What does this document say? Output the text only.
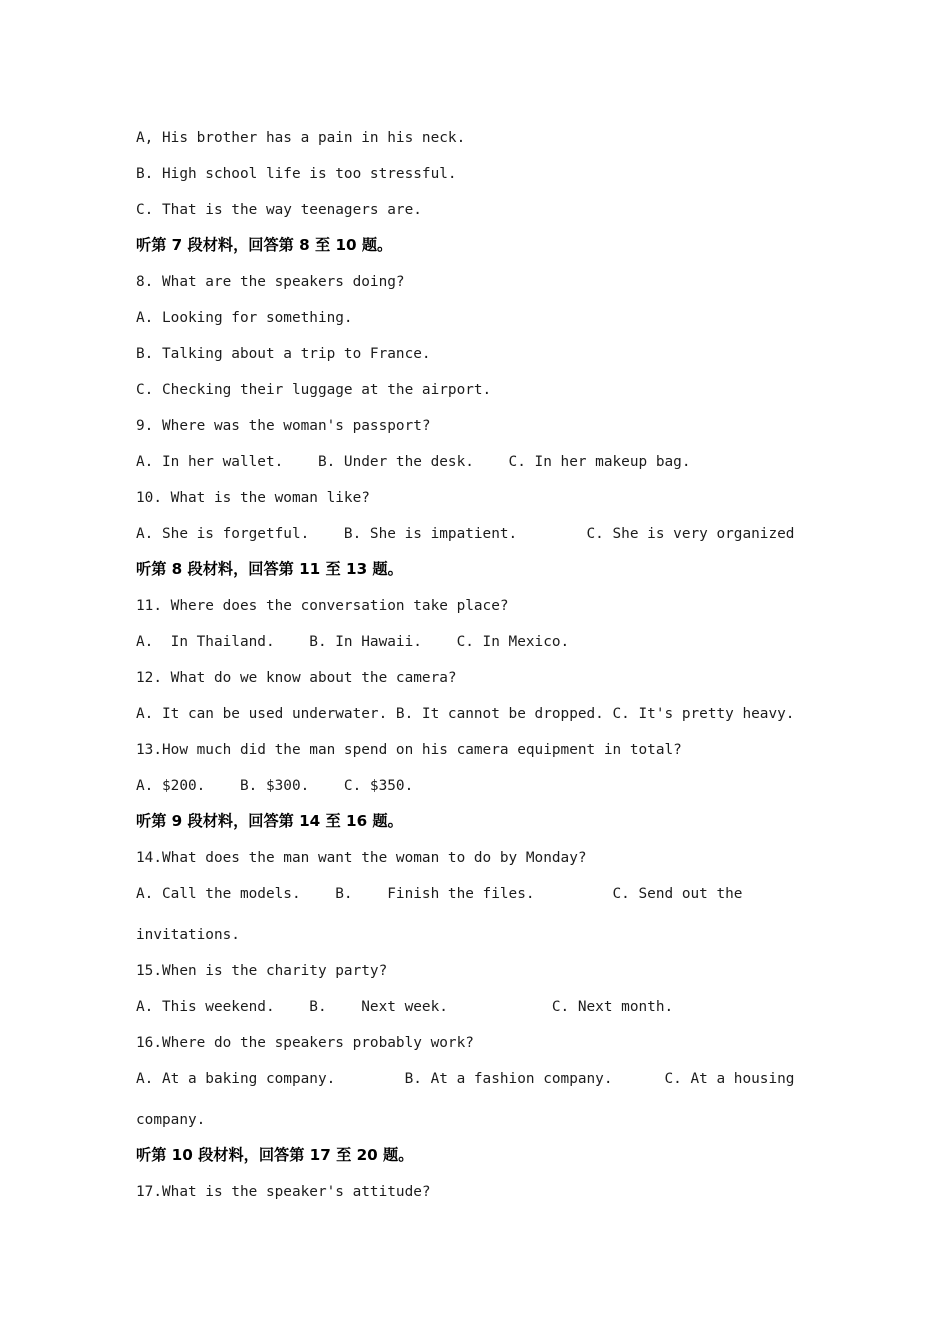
A, His brother has a pain in his neck.

B. High school life is too stressful.

C. That is the way teenagers are.

听第 7 段材料，回答第 8 至 10 题。

8. What are the speakers doing?

A. Looking for something.

B. Talking about a trip to France.

C. Checking their luggage at the airport.

9. Where was the woman's passport?

A. In her wallet.    B. Under the desk.    C. In her makeup bag.

10. What is the woman like?

A. She is forgetful.    B. She is impatient.        C. She is very organized

听第 8 段材料，回答第 11 至 13 题。

11. Where does the conversation take place?

A.  In Thailand.    B. In Hawaii.    C. In Mexico.

12. What do we know about the camera?

A. It can be used underwater. B. It cannot be dropped. C. It's pretty heavy.

13.How much did the man spend on his camera equipment in total?

A. $200.    B. $300.    C. $350.

听第 9 段材料，回答第 14 至 16 题。

14.What does the man want the woman to do by Monday?

A. Call the models.    B.    Finish the files.         C. Send out the

invitations.

15.When is the charity party?

A. This weekend.    B.    Next week.            C. Next month.

16.Where do the speakers probably work?

A. At a baking company.        B. At a fashion company.      C. At a housing

company.

听第 10 段材料，回答第 17 至 20 题。

17.What is the speaker's attitude?
